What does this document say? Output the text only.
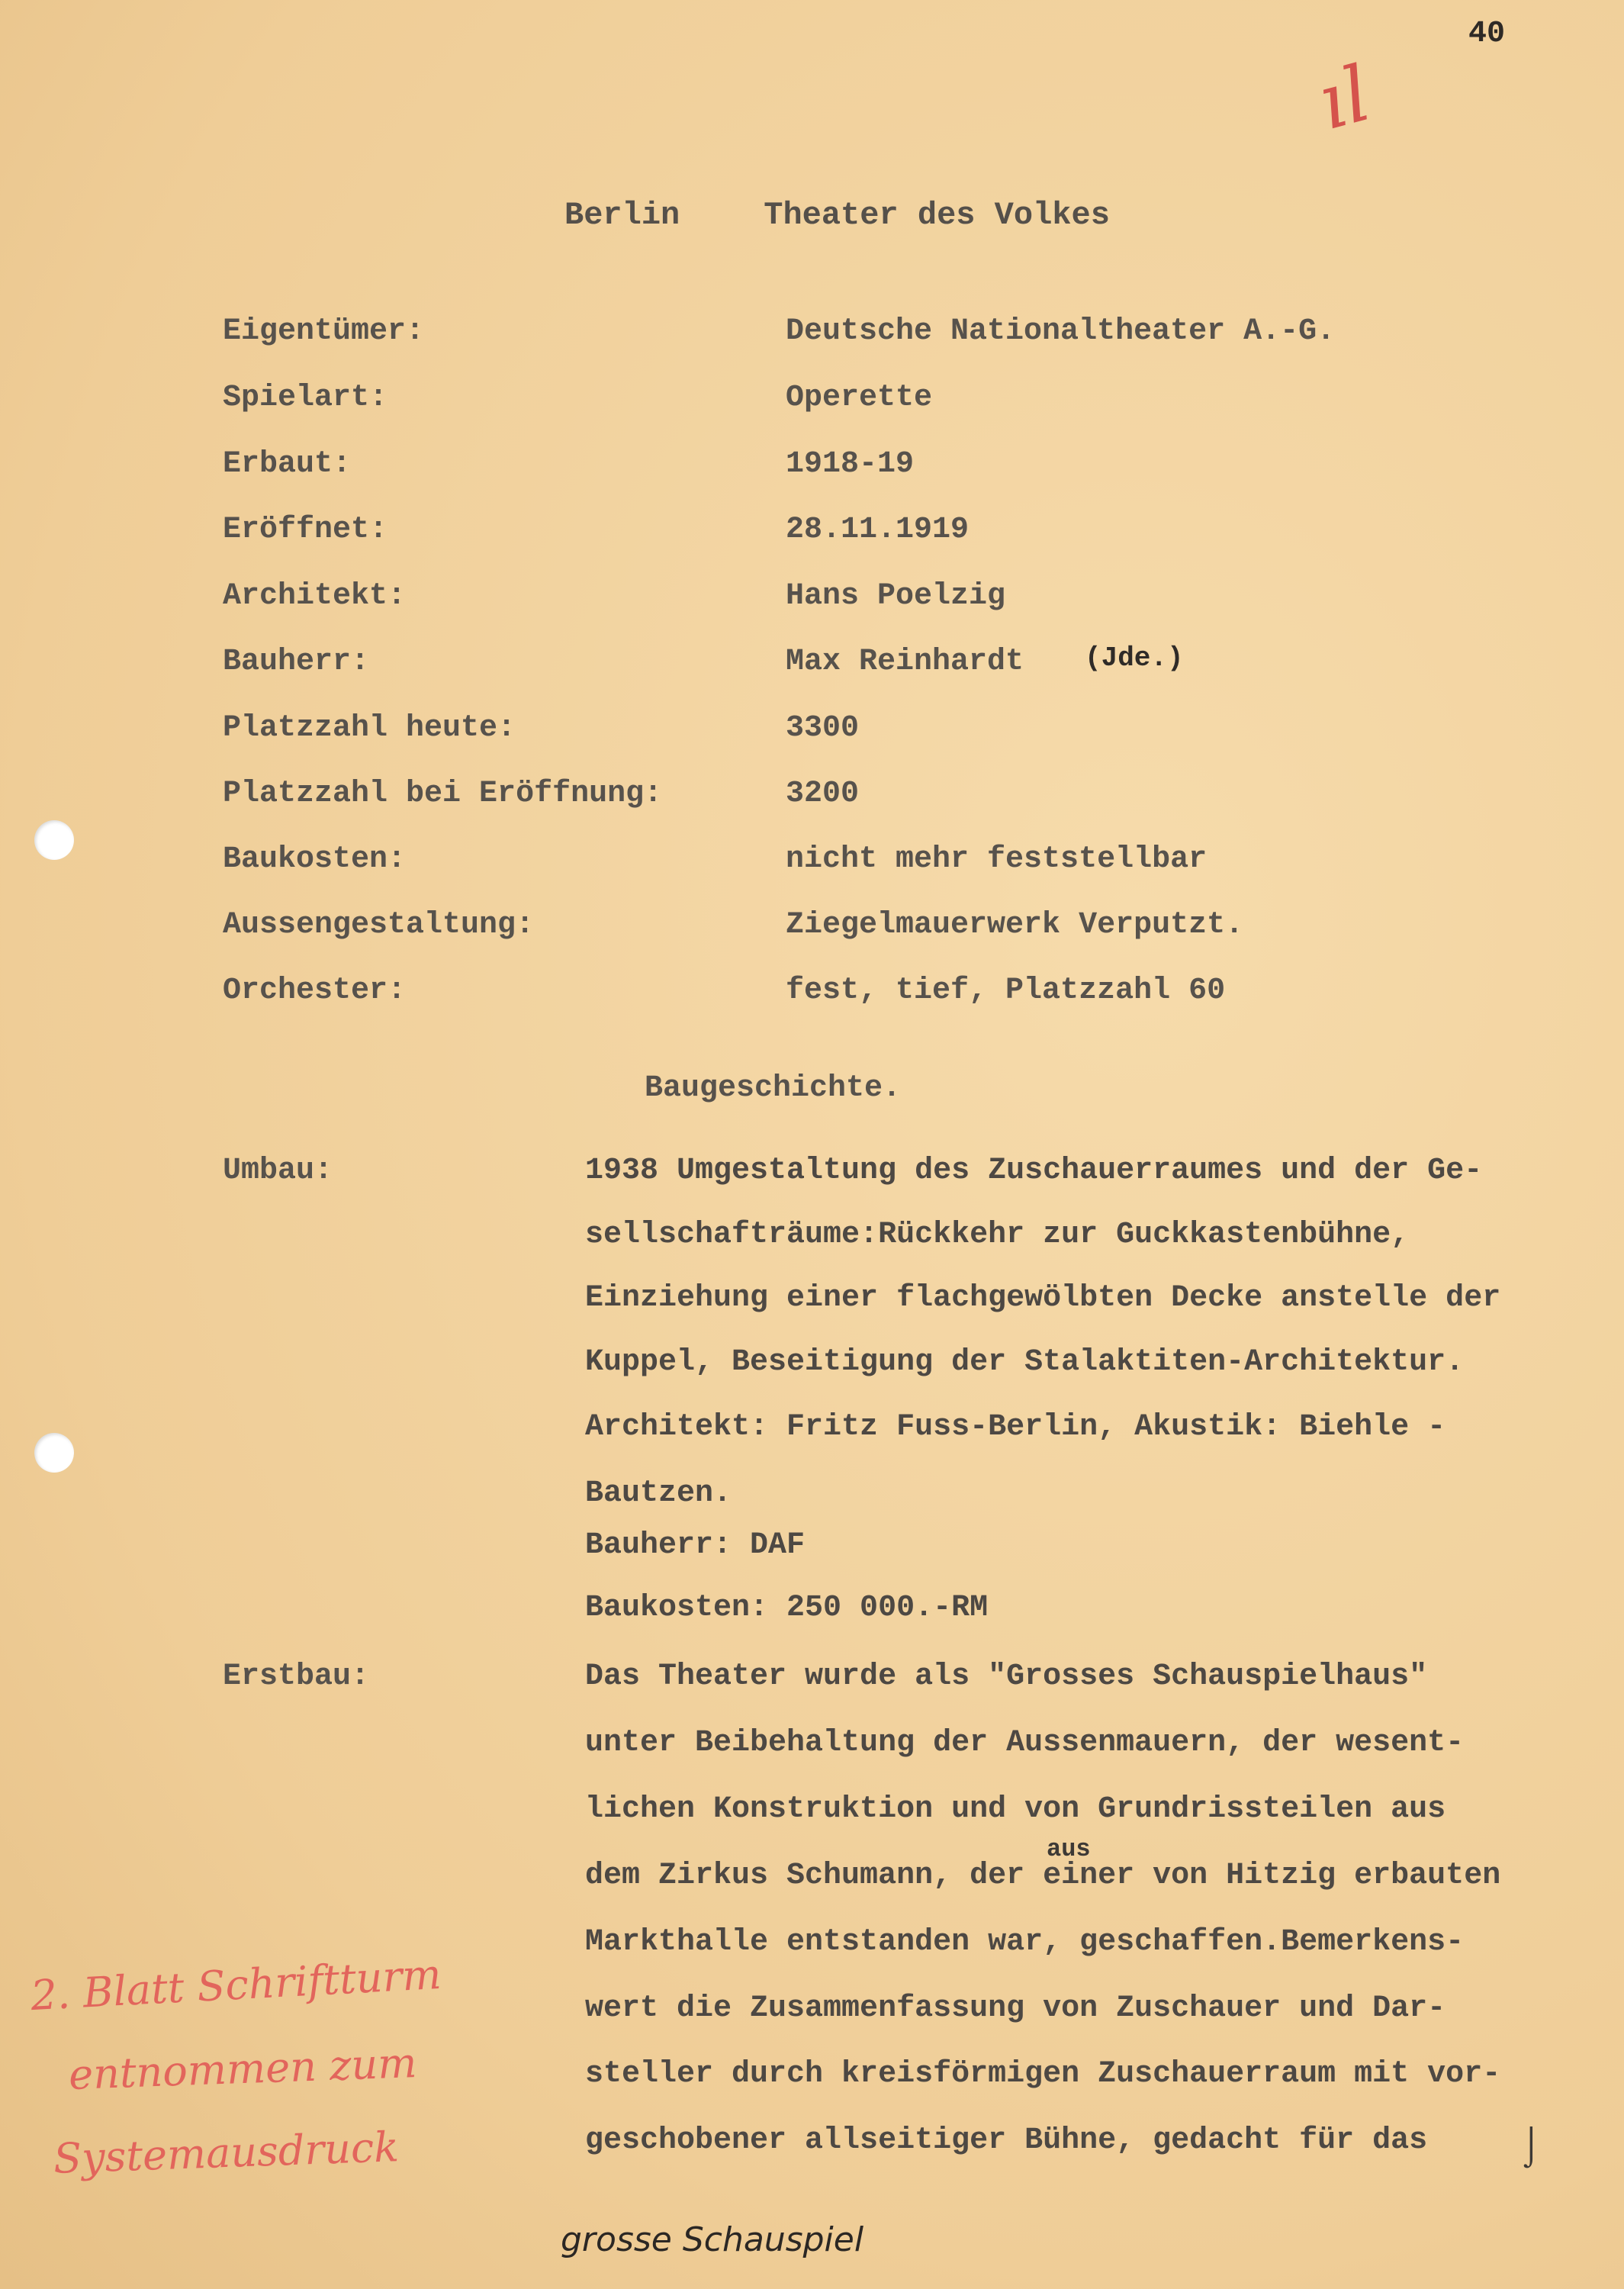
40
ıl
Berlin	Theater des Volkes
Eigentümer:	Deutsche Nationaltheater A.-G.
Spielart:	Operette
Erbaut:	1918-19
Eröffnet:	28.11.1919
Architekt:	Hans Poelzig
Bauherr:	Max Reinhardt (Jde.)
Platzzahl heute:	3300
Platzzahl bei Eröffnung:	3200
Baukosten:	nicht mehr feststellbar
Aussengestaltung:	Ziegelmauerwerk Verputzt.
Orchester:	fest, tief, Platzzahl 60
Baugeschichte.
Umbau:	1938 Umgestaltung des Zuschauerraumes und der Ge-
sellschafträume:Rückkehr zur Guckkastenbühne,
Einziehung einer flachgewölbten Decke anstelle der
Kuppel, Beseitigung der Stalaktiten-Architektur.
Architekt: Fritz Fuss-Berlin, Akustik: Biehle -
Bautzen.
Bauherr: DAF
Baukosten: 250 000.-RM
Erstbau:	Das Theater wurde als "Grosses Schauspielhaus"
unter Beibehaltung der Aussenmauern, der wesent-
lichen Konstruktion und von Grundrissteilen aus
aus
dem Zirkus Schumann, der einer von Hitzig erbauten
Markthalle entstanden war, geschaffen.Bemerkens-
wert die Zusammenfassung von Zuschauer und Dar-
steller durch kreisförmigen Zuschauerraum mit vor-
geschobener allseitiger Bühne, gedacht für das	⌡
2. Blatt Schriftturm
entnommen zum
Systemausdruck
grosse Schauspiel
